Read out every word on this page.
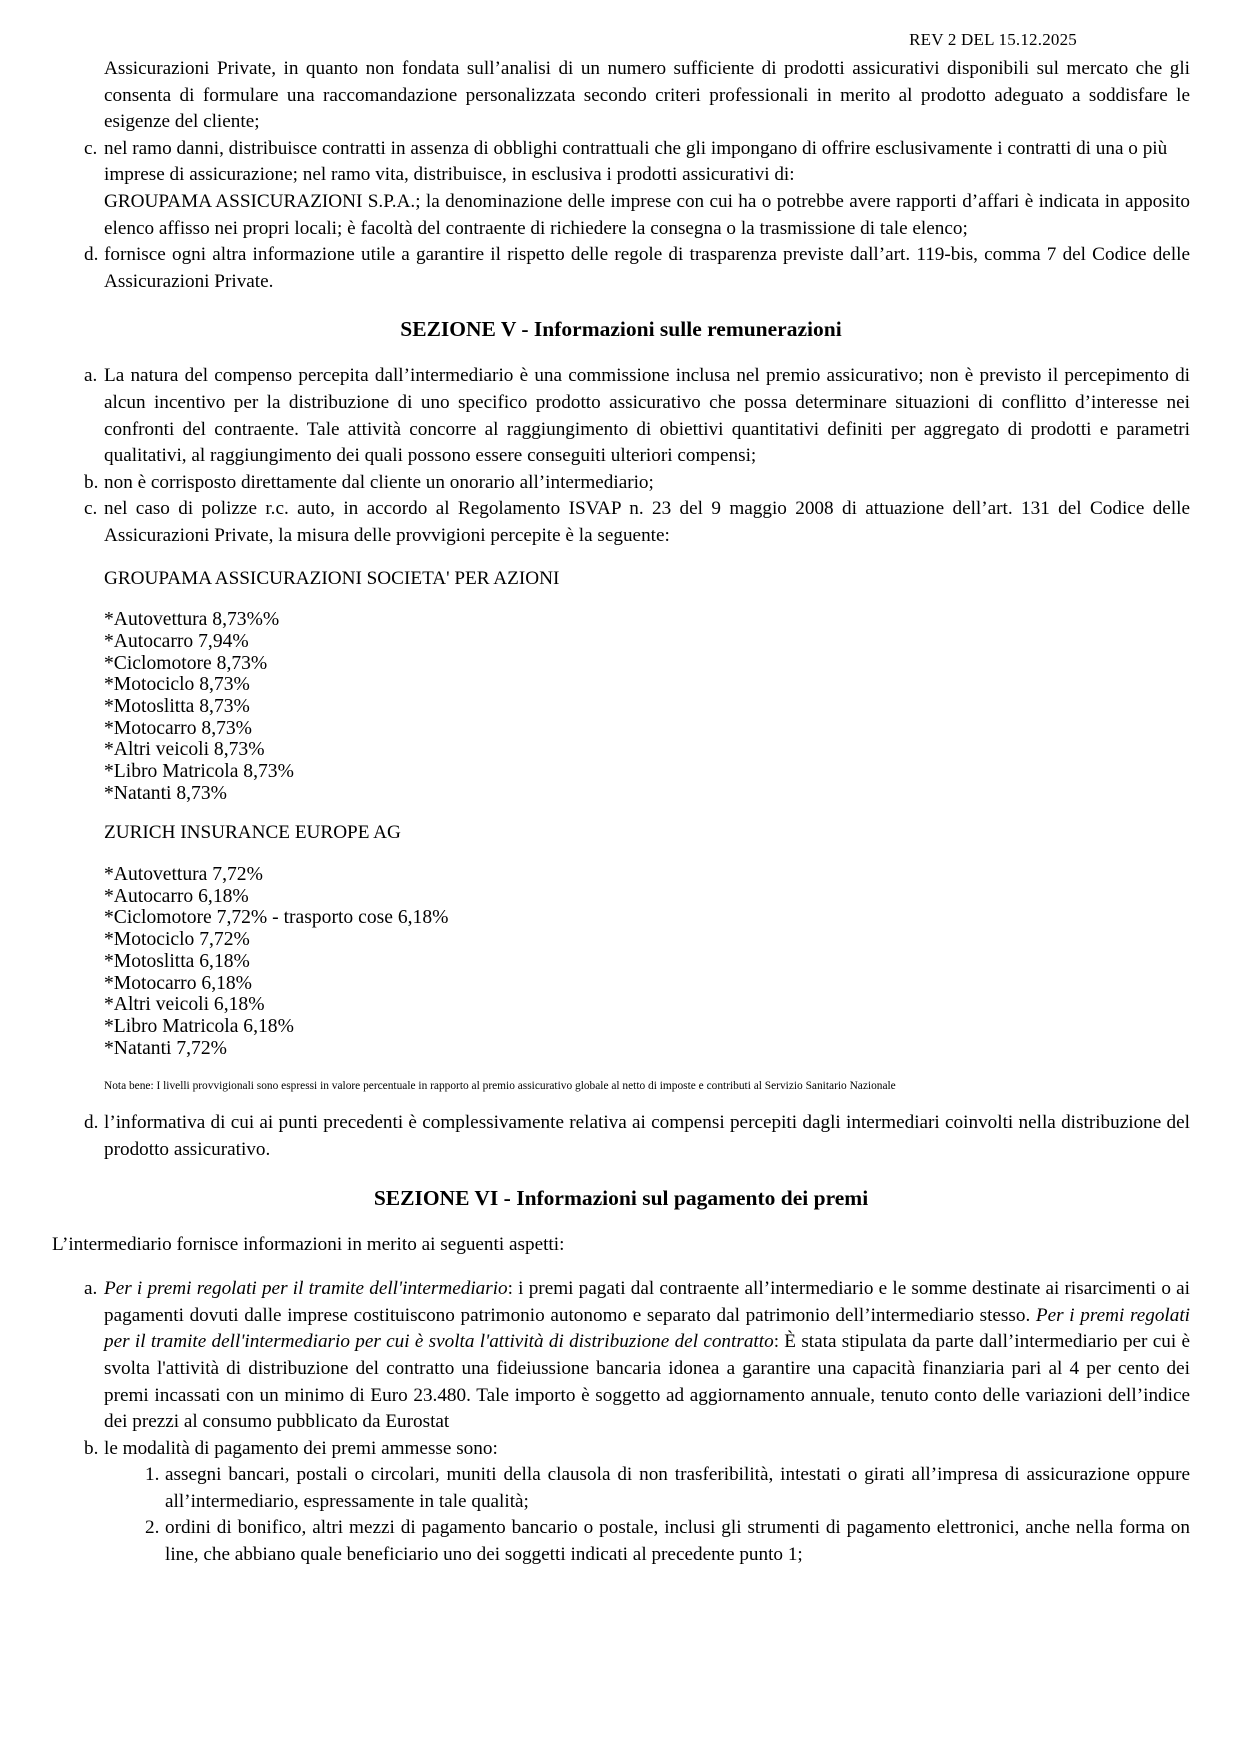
REV 2 DEL 15.12.2025
Assicurazioni Private, in quanto non fondata sull’analisi di un numero sufficiente di prodotti assicurativi disponibili sul mercato che gli consenta di formulare una raccomandazione personalizzata secondo criteri professionali in merito al prodotto adeguato a soddisfare le esigenze del cliente;
c. nel ramo danni, distribuisce contratti in assenza di obblighi contrattuali che gli impongano di offrire esclusivamente i contratti di una o più imprese di assicurazione; nel ramo vita, distribuisce, in esclusiva i prodotti assicurativi di:
GROUPAMA ASSICURAZIONI S.P.A.; la denominazione delle imprese con cui ha o potrebbe avere rapporti d’affari è indicata in apposito elenco affisso nei propri locali; è facoltà del contraente di richiedere la consegna o la trasmissione di tale elenco;
d. fornisce ogni altra informazione utile a garantire il rispetto delle regole di trasparenza previste dall’art. 119-bis, comma 7 del Codice delle Assicurazioni Private.
SEZIONE V - Informazioni sulle remunerazioni
a. La natura del compenso percepita dall’intermediario è una commissione inclusa nel premio assicurativo; non è previsto il percepimento di alcun incentivo per la distribuzione di uno specifico prodotto assicurativo che possa determinare situazioni di conflitto d’interesse nei confronti del contraente. Tale attività concorre al raggiungimento di obiettivi quantitativi definiti per aggregato di prodotti e parametri qualitativi, al raggiungimento dei quali possono essere conseguiti ulteriori compensi;
b. non è corrisposto direttamente dal cliente un onorario all’intermediario;
c. nel caso di polizze r.c. auto, in accordo al Regolamento ISVAP n. 23 del 9 maggio 2008 di attuazione dell’art. 131 del Codice delle Assicurazioni Private, la misura delle provvigioni percepite è la seguente:
GROUPAMA ASSICURAZIONI SOCIETA' PER AZIONI
*Autovettura 8,73%%
*Autocarro 7,94%
*Ciclomotore 8,73%
*Motociclo 8,73%
*Motoslitta 8,73%
*Motocarro 8,73%
*Altri veicoli 8,73%
*Libro Matricola 8,73%
*Natanti 8,73%
ZURICH INSURANCE EUROPE AG
*Autovettura 7,72%
*Autocarro 6,18%
*Ciclomotore 7,72% - trasporto cose 6,18%
*Motociclo 7,72%
*Motoslitta 6,18%
*Motocarro 6,18%
*Altri veicoli 6,18%
*Libro Matricola 6,18%
*Natanti 7,72%
Nota bene: I livelli provvigionali sono espressi in valore percentuale in rapporto al premio assicurativo globale al netto di imposte e contributi al Servizio Sanitario Nazionale
d. l’informativa di cui ai punti precedenti è complessivamente relativa ai compensi percepiti dagli intermediari coinvolti nella distribuzione del prodotto assicurativo.
SEZIONE VI - Informazioni sul pagamento dei premi
L’intermediario fornisce informazioni in merito ai seguenti aspetti:
a. Per i premi regolati per il tramite dell'intermediario: i premi pagati dal contraente all’intermediario e le somme destinate ai risarcimenti o ai pagamenti dovuti dalle imprese costituiscono patrimonio autonomo e separato dal patrimonio dell’intermediario stesso. Per i premi regolati per il tramite dell'intermediario per cui è svolta l'attività di distribuzione del contratto: È stata stipulata da parte dall’intermediario per cui è svolta l'attività di distribuzione del contratto una fideiussione bancaria idonea a garantire una capacità finanziaria pari al 4 per cento dei premi incassati con un minimo di Euro 23.480. Tale importo è soggetto ad aggiornamento annuale, tenuto conto delle variazioni dell’indice dei prezzi al consumo pubblicato da Eurostat
b. le modalità di pagamento dei premi ammesse sono:
1. assegni bancari, postali o circolari, muniti della clausola di non trasferibilità, intestati o girati all’impresa di assicurazione oppure all’intermediario, espressamente in tale qualità;
2. ordini di bonifico, altri mezzi di pagamento bancario o postale, inclusi gli strumenti di pagamento elettronici, anche nella forma on line, che abbiano quale beneficiario uno dei soggetti indicati al precedente punto 1;
